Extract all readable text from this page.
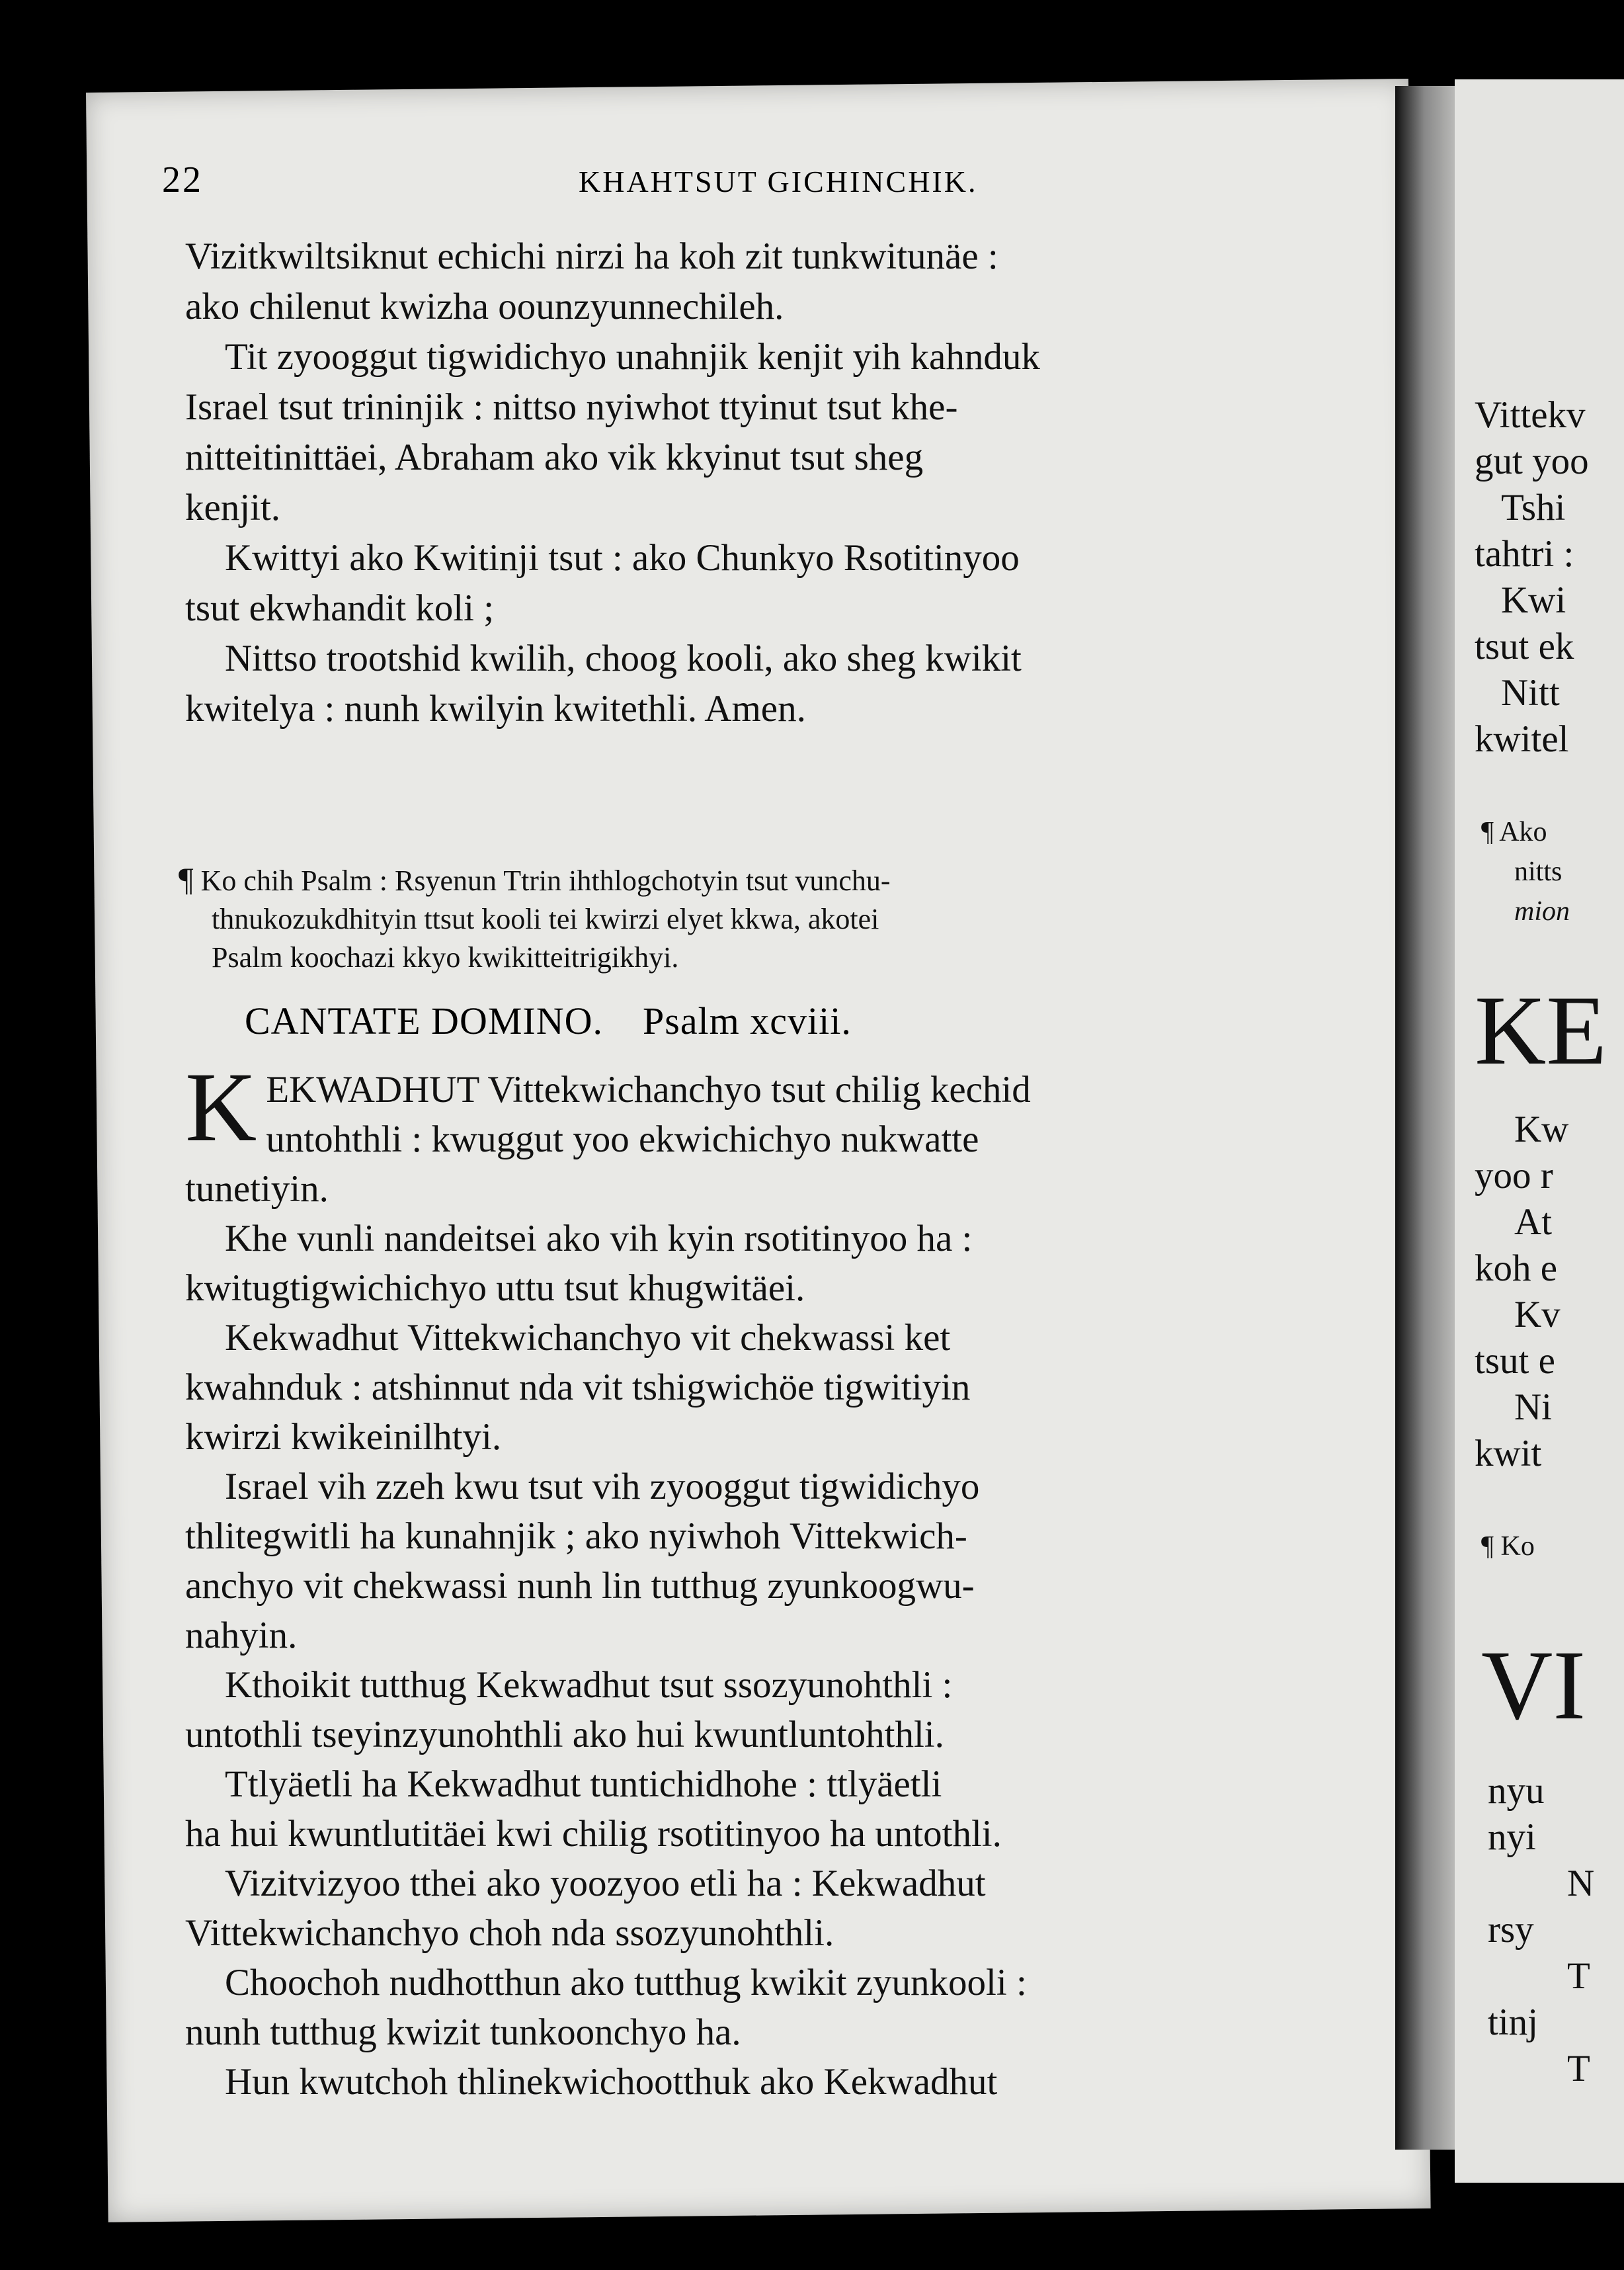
Vittekv
gut yoo
Tshi
tahtri :
Kwi
tsut ek
Nitt
kwitel
¶ Ako
nitts
mion
KE
Kw
yoo r
At
koh e
Kv
tsut e
Ni
kwit
¶ Ko
VI
nyu
nyi
N
rsy
T
tinj
T
22	KHAHTSUT GICHINCHIK.
Vizitkwiltsiknut echichi nirzi ha koh zit tunkwitunäe :
ako chilenut kwizha oounzyunnechileh.
Tit zyooggut tigwidichyo unahnjik kenjit yih kahnduk
Israel tsut trininjik : nittso nyiwhot ttyinut tsut khe-
nitteitinittäei, Abraham ako vik kkyinut tsut sheg
kenjit.
Kwittyi ako Kwitinji tsut : ako Chunkyo Rsotitinyoo
tsut ekwhandit koli ;
Nittso trootshid kwilih, choog kooli, ako sheg kwikit
kwitelya : nunh kwilyin kwitethli. Amen.
¶ Ko chih Psalm : Rsyenun Ttrin ihthlogchotyin tsut vunchu-
thnukozukdhityin ttsut kooli tei kwirzi elyet kkwa, akotei
Psalm koochazi kkyo kwikitteitrigikhyi.
CANTATE DOMINO. Psalm xcviii.
K EKWADHUT Vittekwichanchyo tsut chilig kechid
untohthli : kwuggut yoo ekwichichyo nukwatte
tunetiyin.
Khe vunli nandeitsei ako vih kyin rsotitinyoo ha :
kwitugtigwichichyo uttu tsut khugwitäei.
Kekwadhut Vittekwichanchyo vit chekwassi ket
kwahnduk : atshinnut nda vit tshigwichöe tigwitiyin
kwirzi kwikeinilhtyi.
Israel vih zzeh kwu tsut vih zyooggut tigwidichyo
thlitegwitli ha kunahnjik ; ako nyiwhoh Vittekwich-
anchyo vit chekwassi nunh lin tutthug zyunkoogwu-
nahyin.
Kthoikit tutthug Kekwadhut tsut ssozyunohthli :
untothli tseyinzyunohthli ako hui kwuntluntohthli.
Ttlyäetli ha Kekwadhut tuntichidhohe : ttlyäetli
ha hui kwuntlutitäei kwi chilig rsotitinyoo ha untothli.
Vizitvizyoo tthei ako yoozyoo etli ha : Kekwadhut
Vittekwichanchyo choh nda ssozyunohthli.
Choochoh nudhotthun ako tutthug kwikit zyunkooli :
nunh tutthug kwizit tunkoonchyo ha.
Hun kwutchoh thlinekwichootthuk ako Kekwadhut
